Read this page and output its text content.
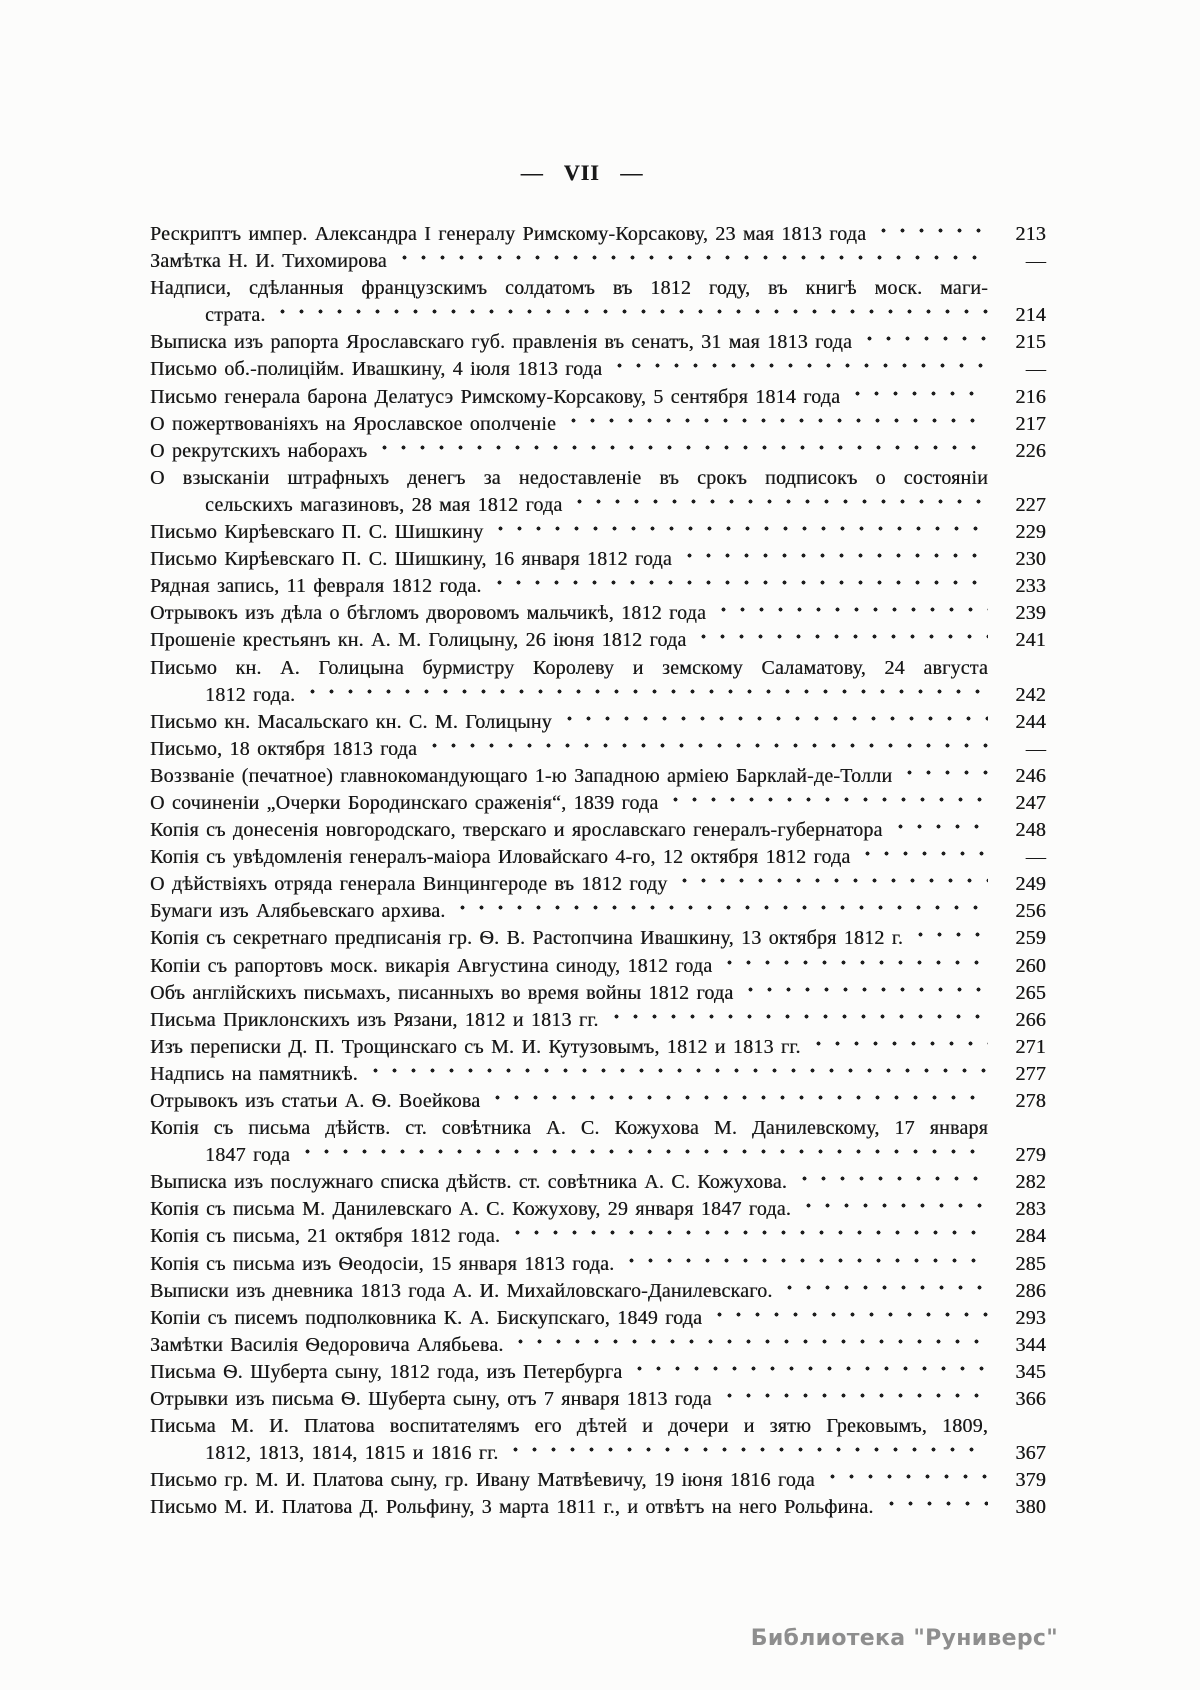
— VII —
Рескриптъ импер. Александра I генералу Римскому-Корсакову, 23 мая 1813 года	213
Замѣтка Н. И. Тихомирова	—
Надписи, сдѣланныя французскимъ солдатомъ въ 1812 году, въ книгѣ моск. маги-
страта.	214
Выписка изъ рапорта Ярославскаго губ. правленія въ сенатъ, 31 мая 1813 года	215
Письмо об.-полиційм. Ивашкину, 4 іюля 1813 года	—
Письмо генерала барона Делатусэ Римскому-Корсакову, 5 сентября 1814 года	216
О пожертвованіяхъ на Ярославское ополченіе	217
О рекрутскихъ наборахъ	226
О взысканіи штрафныхъ денегъ за недоставленіе въ срокъ подписокъ о состояніи
сельскихъ магазиновъ, 28 мая 1812 года	227
Письмо Кирѣевскаго П. С. Шишкину	229
Письмо Кирѣевскаго П. С. Шишкину, 16 января 1812 года	230
Рядная запись, 11 февраля 1812 года.	233
Отрывокъ изъ дѣла о бѣгломъ дворовомъ мальчикѣ, 1812 года	239
Прошеніе крестьянъ кн. А. М. Голицыну, 26 іюня 1812 года	241
Письмо кн. А. Голицына бурмистру Королеву и земскому Саламатову, 24 августа
1812 года.	242
Письмо кн. Масальскаго кн. С. М. Голицыну	244
Письмо, 18 октября 1813 года	—
Воззваніе (печатное) главнокомандующаго 1-ю Западною арміею Барклай-де-Толли	246
О сочиненіи „Очерки Бородинскаго сраженія“, 1839 года	247
Копія съ донесенія новгородскаго, тверскаго и ярославскаго генералъ-губернатора	248
Копія съ увѣдомленія генералъ-маіора Иловайскаго 4-го, 12 октября 1812 года	—
О дѣйствіяхъ отряда генерала Винцингероде въ 1812 году	249
Бумаги изъ Алябьевскаго архива.	256
Копія съ секретнаго предписанія гр. Ѳ. В. Растопчина Ивашкину, 13 октября 1812 г.	259
Копіи съ рапортовъ моск. викарія Августина синоду, 1812 года	260
Объ англійскихъ письмахъ, писанныхъ во время войны 1812 года	265
Письма Приклонскихъ изъ Рязани, 1812 и 1813 гг.	266
Изъ переписки Д. П. Трощинскаго съ М. И. Кутузовымъ, 1812 и 1813 гг.	271
Надпись на памятникѣ.	277
Отрывокъ изъ статьи А. Ѳ. Воейкова	278
Копія съ письма дѣйств. ст. совѣтника А. С. Кожухова М. Данилевскому, 17 января
1847 года	279
Выписка изъ послужнаго списка дѣйств. ст. совѣтника А. С. Кожухова.	282
Копія съ письма М. Данилевскаго А. С. Кожухову, 29 января 1847 года.	283
Копія съ письма, 21 октября 1812 года.	284
Копія съ письма изъ Ѳеодосіи, 15 января 1813 года.	285
Выписки изъ дневника 1813 года А. И. Михайловскаго-Данилевскаго.	286
Копіи съ писемъ подполковника К. А. Бискупскаго, 1849 года	293
Замѣтки Василія Ѳедоровича Алябьева.	344
Письма Ѳ. Шуберта сыну, 1812 года, изъ Петербурга	345
Отрывки изъ письма Ѳ. Шуберта сыну, отъ 7 января 1813 года	366
Письма М. И. Платова воспитателямъ его дѣтей и дочери и зятю Грековымъ, 1809,
1812, 1813, 1814, 1815 и 1816 гг.	367
Письмо гр. М. И. Платова сыну, гр. Ивану Матвѣевичу, 19 іюня 1816 года	379
Письмо М. И. Платова Д. Рольфину, 3 марта 1811 г., и отвѣтъ на него Рольфина.	380
Библиотека "Руниверс"
